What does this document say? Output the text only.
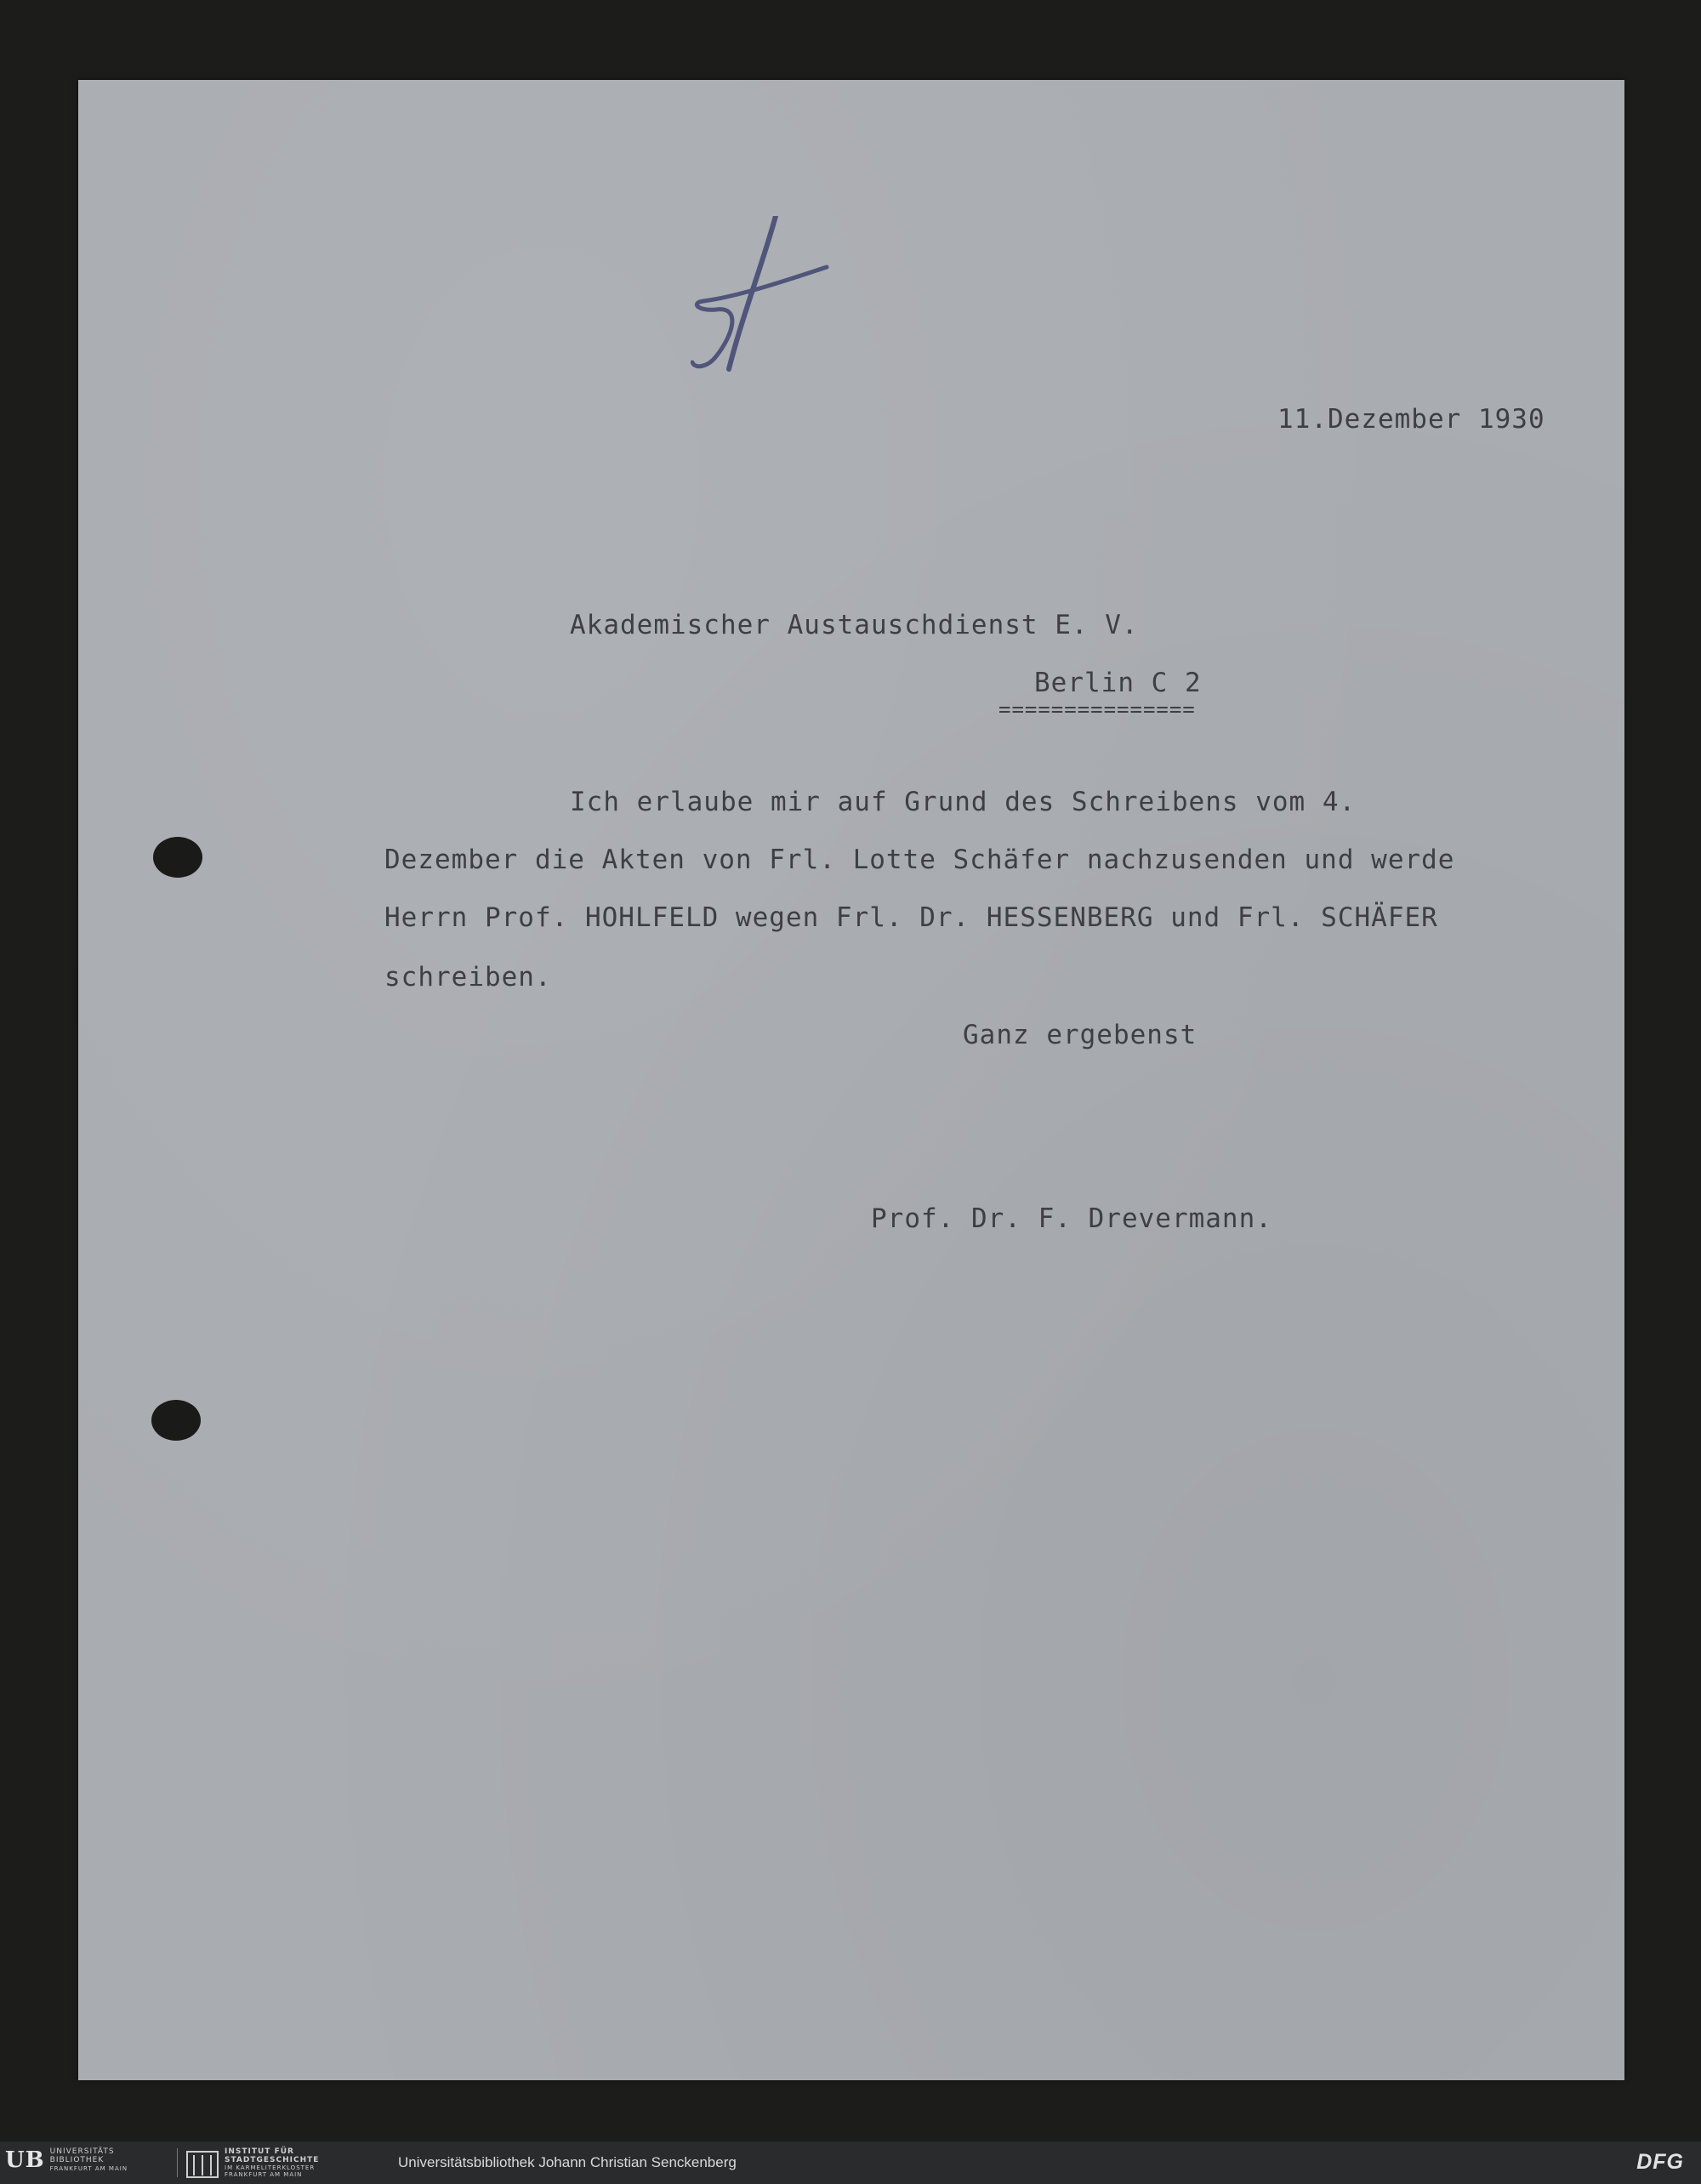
11.Dezember 1930

Akademischer Austauschdienst E. V.

Berlin C 2

===============

Ich erlaube mir auf Grund des Schreibens vom 4.

Dezember die Akten von Frl. Lotte Schäfer nachzusenden und werde

Herrn Prof. HOHLFELD wegen Frl. Dr. HESSENBERG und Frl. SCHÄFER

schreiben.

Ganz ergebenst

Prof. Dr. F. Drevermann.

UB UNIVERSITÄTS
BIBLIOTHEK
FRANKFURT AM MAIN
INSTITUT FÜR
STADTGESCHICHTE
IM KARMELITERKLOSTER
FRANKFURT AM MAIN
Universitätsbibliothek Johann Christian Senckenberg	DFG
